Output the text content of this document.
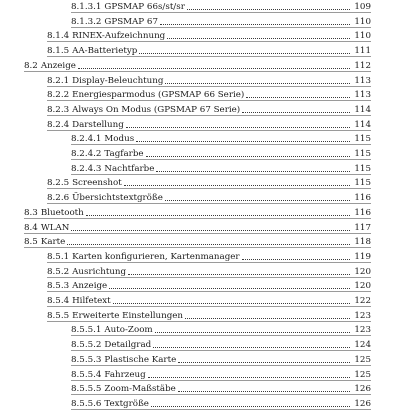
8.1.3.1 GPSMAP 66s/st/sr	109
8.1.3.2 GPSMAP 67	110
8.1.4 RINEX-Aufzeichnung	110
8.1.5 AA-Batterietyp	111
8.2 Anzeige	112
8.2.1 Display-Beleuchtung	113
8.2.2 Energiesparmodus (GPSMAP 66 Serie)	113
8.2.3 Always On Modus (GPSMAP 67 Serie)	114
8.2.4 Darstellung	114
8.2.4.1 Modus	115
8.2.4.2 Tagfarbe	115
8.2.4.3 Nachtfarbe	115
8.2.5 Screenshot	115
8.2.6 Übersichtstextgröße	116
8.3 Bluetooth	116
8.4 WLAN	117
8.5 Karte	118
8.5.1 Karten konfigurieren, Kartenmanager	119
8.5.2 Ausrichtung	120
8.5.3 Anzeige	120
8.5.4 Hilfetext	122
8.5.5 Erweiterte Einstellungen	123
8.5.5.1 Auto-Zoom	123
8.5.5.2 Detailgrad	124
8.5.5.3 Plastische Karte	125
8.5.5.4 Fahrzeug	125
8.5.5.5 Zoom-Maßstäbe	126
8.5.5.6 Textgröße	126
